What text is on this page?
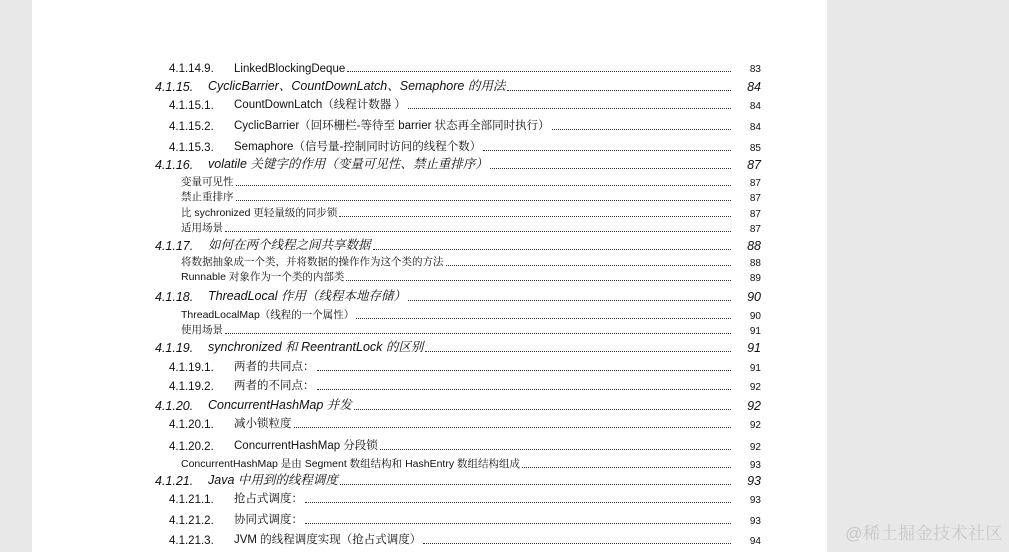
4.1.14.9. LinkedBlockingDeque	83
4.1.15. CyclicBarrier、CountDownLatch、Semaphore 的用法	84
4.1.15.1. CountDownLatch（线程计数器 ）	84
4.1.15.2. CyclicBarrier（回环栅栏-等待至 barrier 状态再全部同时执行）	84
4.1.15.3. Semaphore（信号量-控制同时访问的线程个数）	85
4.1.16. volatile 关键字的作用（变量可见性、禁止重排序）	87
变量可见性	87
禁止重排序	87
比 sychronized 更轻量级的同步锁	87
适用场景	87
4.1.17. 如何在两个线程之间共享数据	88
将数据抽象成一个类，并将数据的操作作为这个类的方法	88
Runnable 对象作为一个类的内部类	89
4.1.18. ThreadLocal 作用（线程本地存储）	90
ThreadLocalMap（线程的一个属性）	90
使用场景	91
4.1.19. synchronized 和 ReentrantLock 的区别	91
4.1.19.1. 两者的共同点：	91
4.1.19.2. 两者的不同点：	92
4.1.20. ConcurrentHashMap 并发	92
4.1.20.1. 减小锁粒度	92
4.1.20.2. ConcurrentHashMap 分段锁	92
ConcurrentHashMap 是由 Segment 数组结构和 HashEntry 数组结构组成	93
4.1.21. Java 中用到的线程调度	93
4.1.21.1. 抢占式调度：	93
4.1.21.2. 协同式调度：	93
4.1.21.3. JVM 的线程调度实现（抢占式调度）	94	@稀土掘金技术社区
